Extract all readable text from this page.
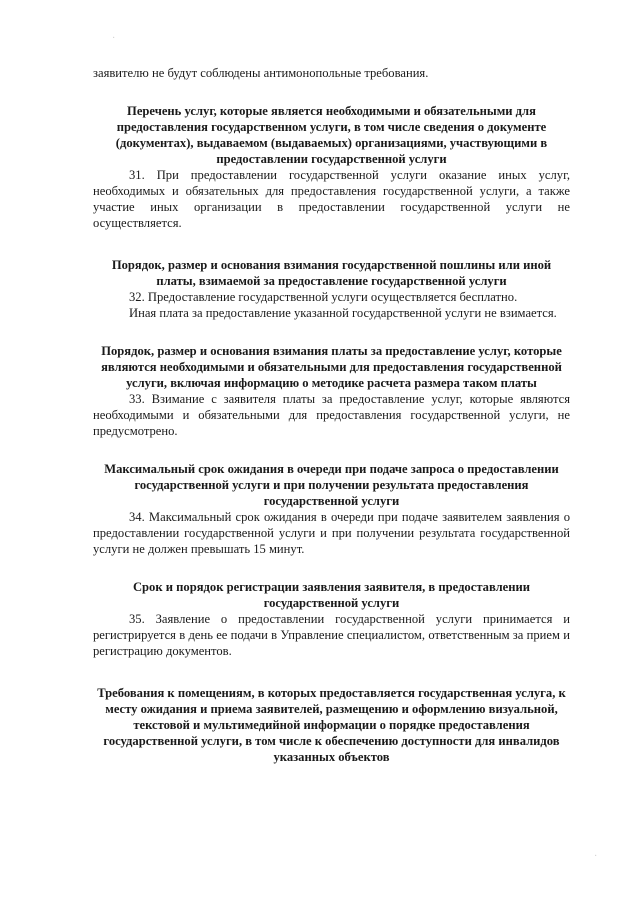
заявителю не будут соблюдены антимонопольные требования.

Перечень услуг, которые является необходимыми и обязательными для предоставления государственном услуги, в том числе сведения о документе (документах), выдаваемом (выдаваемых) организациями, участвующими в предоставлении государственной услуги

31. При предоставлении государственной услуги оказание иных услуг, необходимых и обязательных для предоставления государственной услуги, а также участие иных организации в предоставлении государственной услуги не осуществляется.

Порядок, размер и основания взимания государственной пошлины или иной платы, взимаемой за предоставление государственной услуги

32. Предоставление государственной услуги осуществляется бесплатно.

Иная плата за предоставление указанной государственной услуги не взимается.

Порядок, размер и основания взимания платы за предоставление услуг, которые являются необходимыми и обязательными для предоставления государственной услуги, включая информацию о методике расчета размера таком платы

33. Взимание с заявителя платы за предоставление услуг, которые являются необходимыми и обязательными для предоставления государственной услуги, не предусмотрено.

Максимальный срок ожидания в очереди при подаче запроса о предоставлении государственной услуги и при получении результата предоставления государственной услуги

34. Максимальный срок ожидания в очереди при подаче заявителем заявления о предоставлении государственной услуги и при получении результата государственной услуги не должен превышать 15 минут.

Срок и порядок регистрации заявления заявителя, в предоставлении государственной услуги

35. Заявление о предоставлении государственной услуги принимается и регистрируется в день ее подачи в Управление специалистом, ответственным за прием и регистрацию документов.

Требования к помещениям, в которых предоставляется государственная услуга, к месту ожидания и приема заявителей, размещению и оформлению визуальной, текстовой и мультимедийной информации о порядке предоставления государственной услуги, в том числе к обеспечению доступности для инвалидов указанных объектов
·
·
